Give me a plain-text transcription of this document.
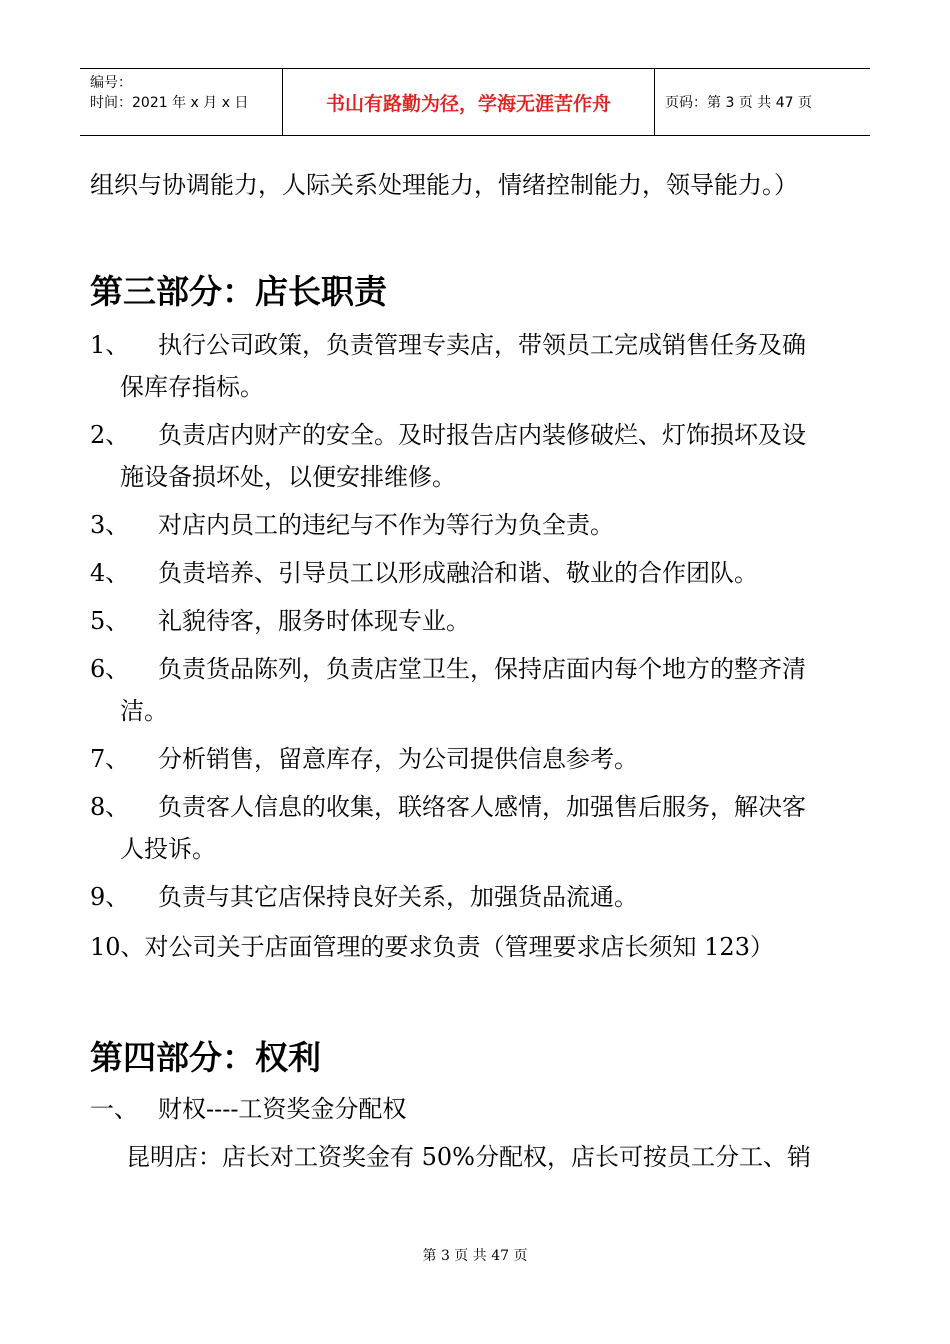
编号：
时间：2021 年 x 月 x 日	书山有路勤为径，学海无涯苦作舟	页码：第 3 页 共 47 页

组织与协调能力，人际关系处理能力，情绪控制能力，领导能力。）

第三部分：店长职责
1、	执行公司政策，负责管理专卖店，带领员工完成销售任务及确
保库存指标。
2、	负责店内财产的安全。及时报告店内装修破烂、灯饰损坏及设
施设备损坏处，以便安排维修。
3、	对店内员工的违纪与不作为等行为负全责。
4、	负责培养、引导员工以形成融洽和谐、敬业的合作团队。
5、	礼貌待客，服务时体现专业。
6、	负责货品陈列，负责店堂卫生，保持店面内每个地方的整齐清
洁。
7、	分析销售，留意库存，为公司提供信息参考。
8、	负责客人信息的收集，联络客人感情，加强售后服务，解决客
人投诉。
9、	负责与其它店保持良好关系，加强货品流通。
10、对公司关于店面管理的要求负责（管理要求店长须知 123）
第四部分：权利
一、 财权----工资奖金分配权
昆明店：店长对工资奖金有 50%分配权，店长可按员工分工、销
第 3 页 共 47 页
